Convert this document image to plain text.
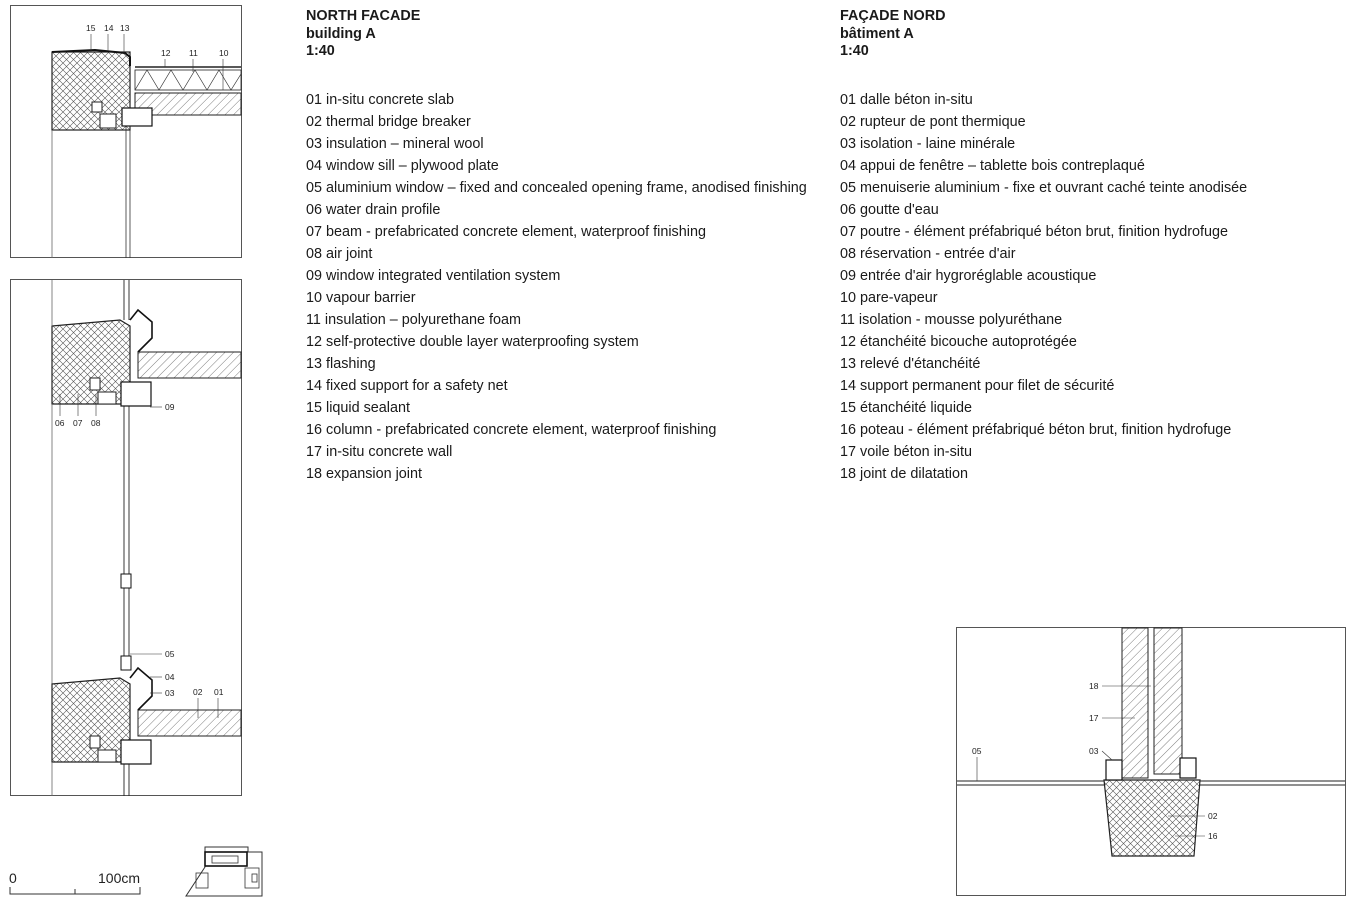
15 14 13
12 11 10
06 07 08
09
05
04
03 02 01
0	100cm
18
17
05	03
02
16
NORTH FACADE
building A
1:40
01 in-situ concrete slab
02 thermal bridge breaker
03 insulation – mineral wool
04 window sill – plywood plate
05 aluminium window – fixed and concealed opening frame, anodised finishing
06 water drain profile
07 beam - prefabricated concrete element, waterproof finishing
08 air joint
09 window integrated ventilation system
10 vapour barrier
11 insulation – polyurethane foam
12 self-protective double layer waterproofing system
13 flashing
14 fixed support for a safety net
15 liquid sealant
16 column - prefabricated concrete element, waterproof finishing
17 in-situ concrete wall
18 expansion joint
FAÇADE NORD
bâtiment A
1:40
01 dalle béton in-situ
02 rupteur de pont thermique
03 isolation - laine minérale
04 appui de fenêtre – tablette bois contreplaqué
05 menuiserie aluminium - fixe et ouvrant caché teinte anodisée
06 goutte d'eau
07 poutre - élément préfabriqué béton brut, finition hydrofuge
08 réservation - entrée d'air
09 entrée d'air hygroréglable acoustique
10 pare-vapeur
11 isolation - mousse polyuréthane
12 étanchéité bicouche autoprotégée
13 relevé d'étanchéité
14 support permanent pour filet de sécurité
15 étanchéité liquide
16 poteau - élément préfabriqué béton brut, finition hydrofuge
17 voile béton in-situ
18 joint de dilatation
